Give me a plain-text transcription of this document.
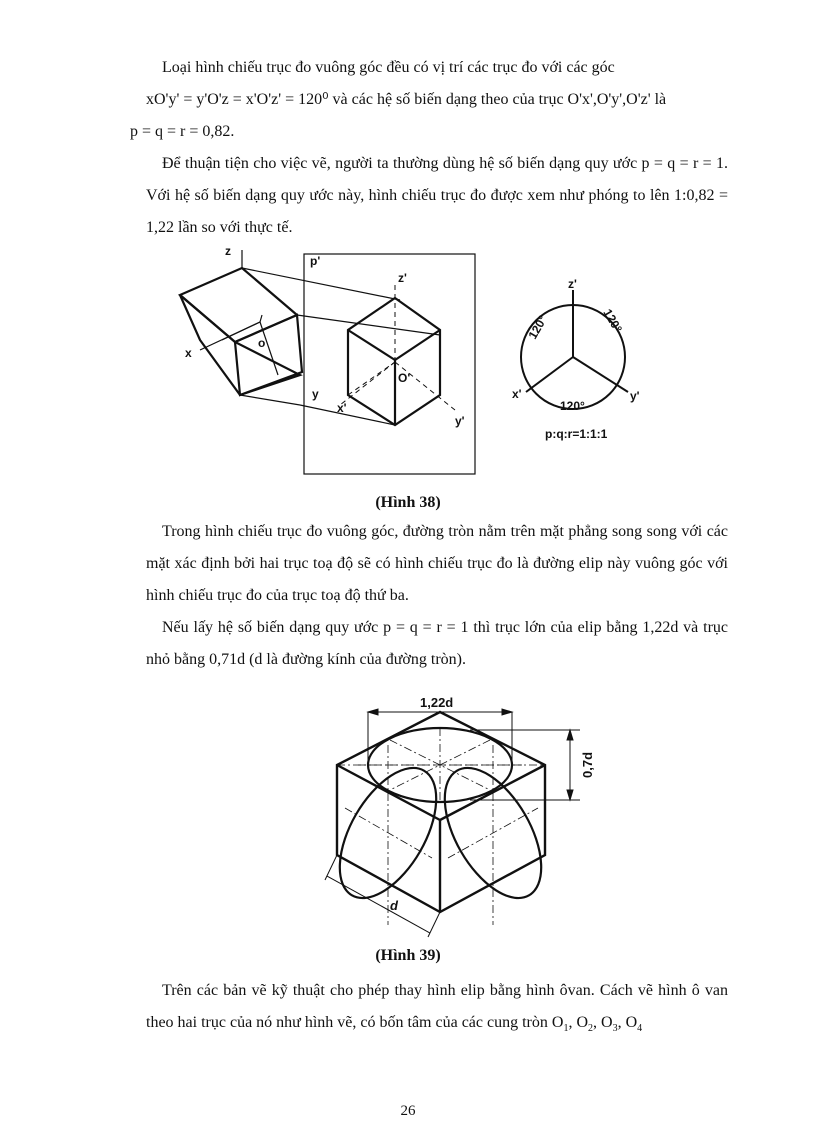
Loại hình chiếu trục đo vuông góc đều có vị trí các trục đo với các góc
xO'y' = y'O'z = x'O'z' = 120⁰ và các hệ số biến dạng theo của trục O'x',O'y',O'z' là
p = q = r = 0,82.

Để thuận tiện cho việc vẽ, người ta thường dùng hệ số biến dạng quy ước p = q = r = 1. Với hệ số biến dạng quy ước này, hình chiếu trục đo được xem như phóng to lên 1:0,82 = 1,22 lần so với thực tế.

z
x
y
o
p'
z'
O'
x'
y'
z'
x'	y'
120°	120°
120°
p:q:r=1:1:1
(Hình 38)

Trong hình chiếu trục đo vuông góc, đường tròn nằm trên mặt phẳng song song với các mặt xác định bởi hai trục toạ độ sẽ có hình chiếu trục đo là đường elip này vuông góc với hình chiếu trục đo của trục toạ độ thứ ba.

Nếu lấy hệ số biến dạng quy ước p = q = r = 1 thì trục lớn của elip bằng 1,22d và trục nhỏ bằng 0,71d (d là đường kính của đường tròn).

1,22d
0,7d
d
(Hình 39)

Trên các bản vẽ kỹ thuật cho phép thay hình elip bằng hình ôvan. Cách vẽ hình ô van theo hai trục của nó như hình vẽ, có bốn tâm của các cung tròn $O_1$, $O_2$, $O_3$, $O_4$

26
